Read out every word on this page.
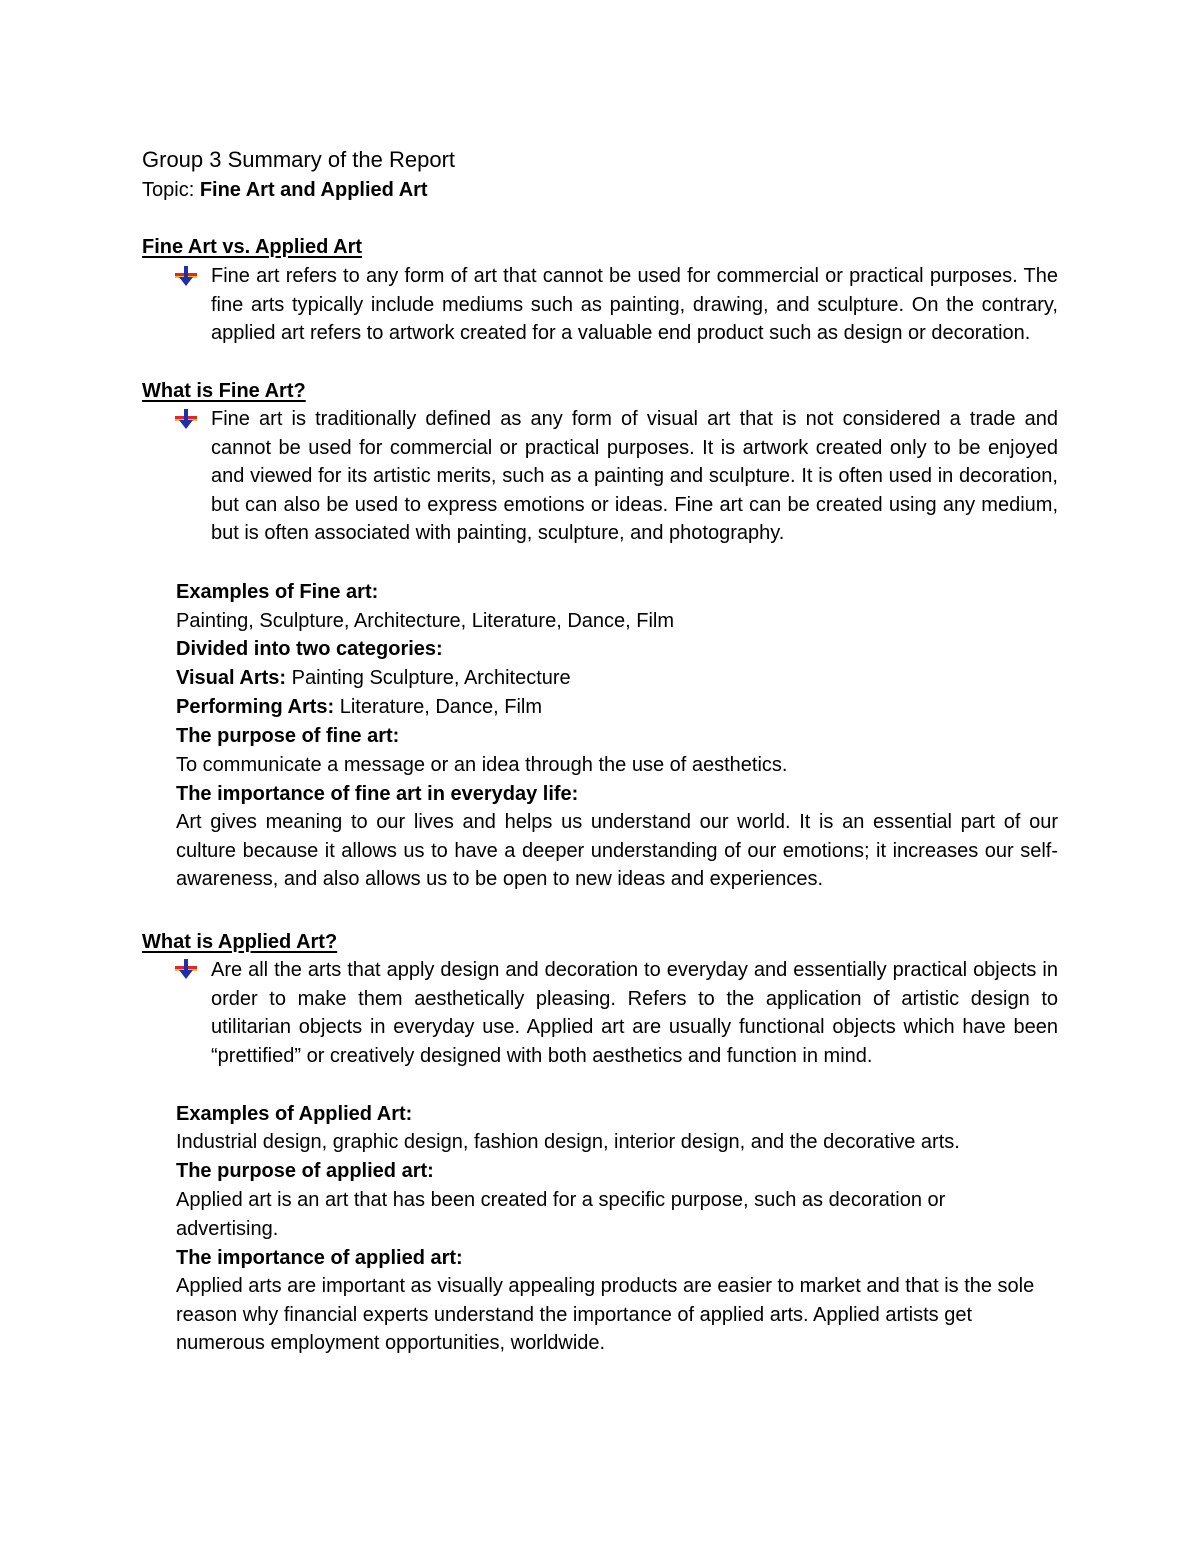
Group 3 Summary of the Report
Topic: Fine Art and Applied Art
Fine Art vs. Applied Art
Fine art refers to any form of art that cannot be used for commercial or practical purposes. The fine arts typically include mediums such as painting, drawing, and sculpture. On the contrary, applied art refers to artwork created for a valuable end product such as design or decoration.
What is Fine Art?
Fine art is traditionally defined as any form of visual art that is not considered a trade and cannot be used for commercial or practical purposes. It is artwork created only to be enjoyed and viewed for its artistic merits, such as a painting and sculpture. It is often used in decoration, but can also be used to express emotions or ideas. Fine art can be created using any medium, but is often associated with painting, sculpture, and photography.
Examples of Fine art:
Painting, Sculpture, Architecture, Literature, Dance, Film
Divided into two categories:
Visual Arts: Painting Sculpture, Architecture
Performing Arts: Literature, Dance, Film
The purpose of fine art:
To communicate a message or an idea through the use of aesthetics.
The importance of fine art in everyday life:
Art gives meaning to our lives and helps us understand our world. It is an essential part of our culture because it allows us to have a deeper understanding of our emotions; it increases our self-awareness, and also allows us to be open to new ideas and experiences.
What is Applied Art?
Are all the arts that apply design and decoration to everyday and essentially practical objects in order to make them aesthetically pleasing. Refers to the application of artistic design to utilitarian objects in everyday use. Applied art are usually functional objects which have been “prettified” or creatively designed with both aesthetics and function in mind.
Examples of Applied Art:
Industrial design, graphic design, fashion design, interior design, and the decorative arts.
The purpose of applied art:
Applied art is an art that has been created for a specific purpose, such as decoration or advertising.
The importance of applied art:
Applied arts are important as visually appealing products are easier to market and that is the sole reason why financial experts understand the importance of applied arts. Applied artists get numerous employment opportunities, worldwide.
